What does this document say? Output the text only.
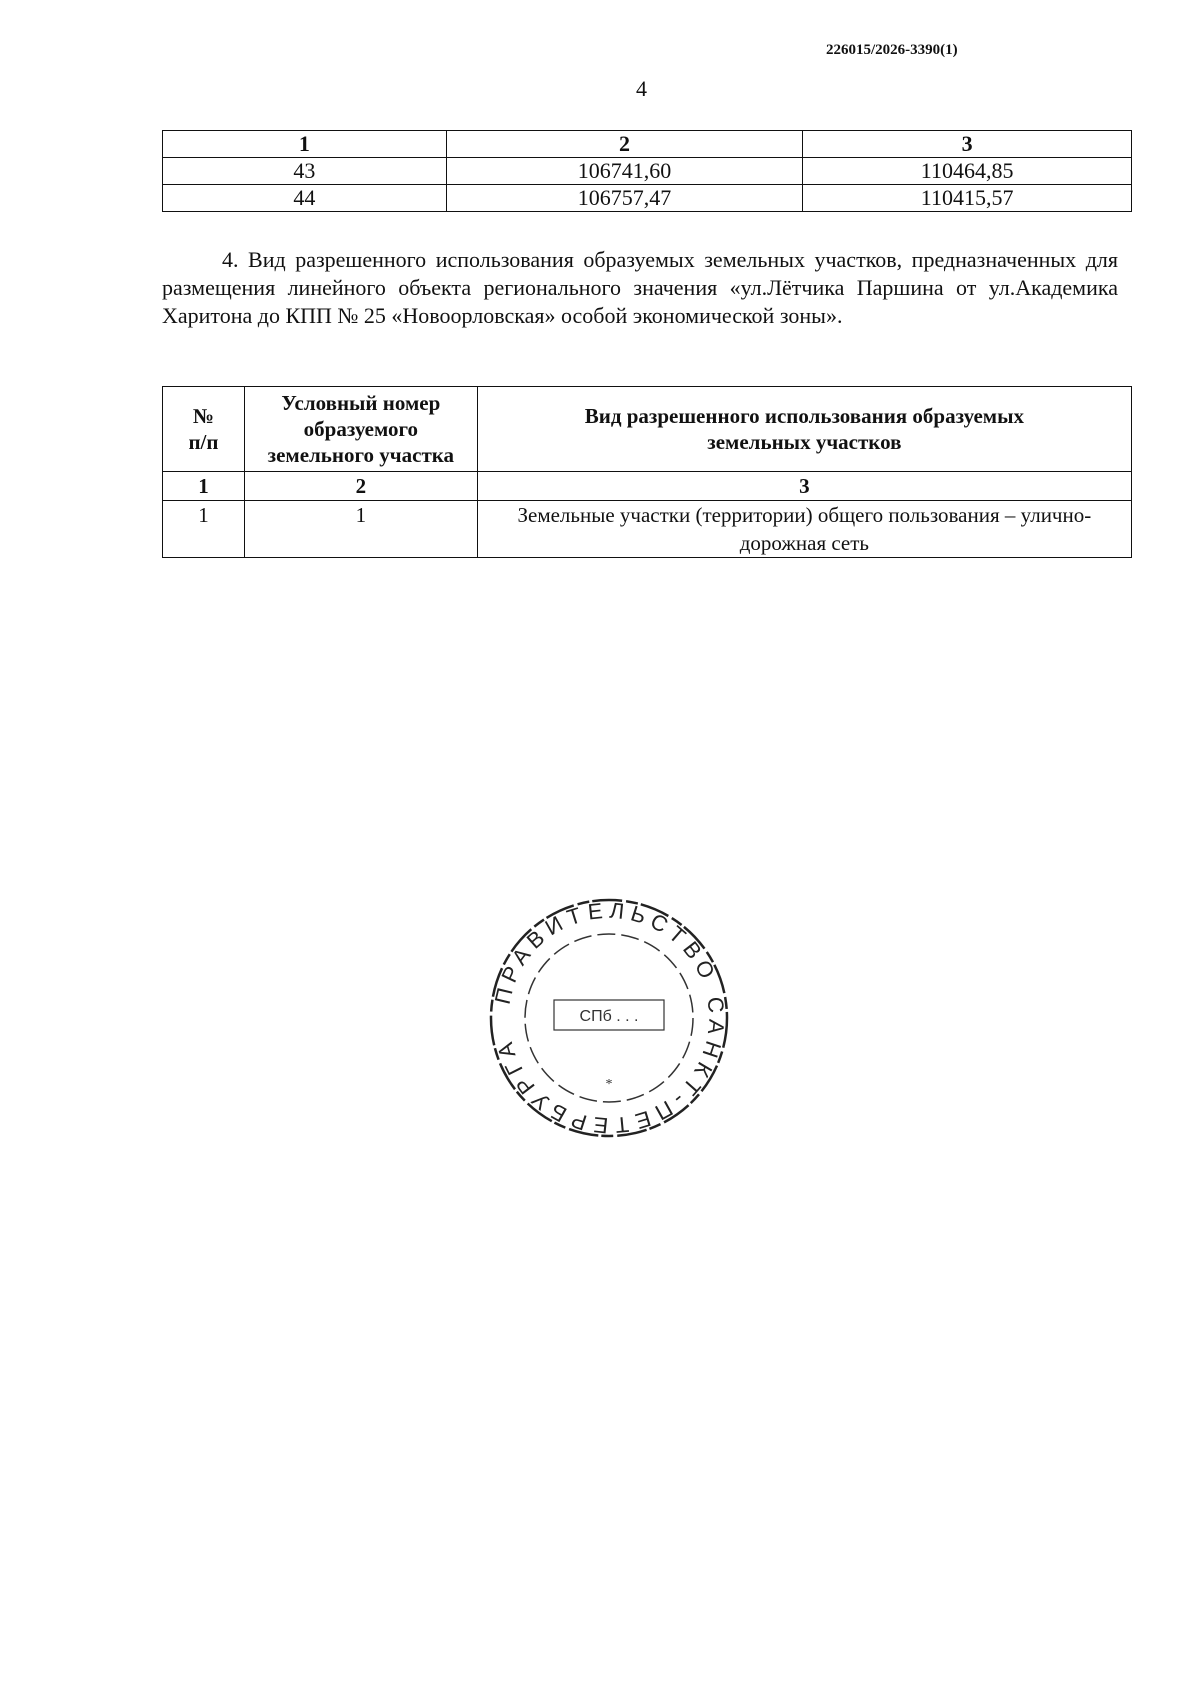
226015/2026-3390(1)
4
1	2	3
43	106741,60	110464,85
44	106757,47	110415,57
4. Вид разрешенного использования образуемых земельных участков, предназначенных для размещения линейного объекта регионального значения «ул.Лётчика Паршина от ул.Академика Харитона до КПП № 25 «Новоорловская» особой экономической зоны».
№ п/п	Условный номер образуемого земельного участка	Вид разрешенного использования образуемых земельных участков
1	2	3
1	1	Земельные участки (территории) общего пользования – улично-дорожная сеть
ПРАВИТЕЛЬСТВО САНКТ-ПЕТЕРБУРГА
СПб . . .
*
